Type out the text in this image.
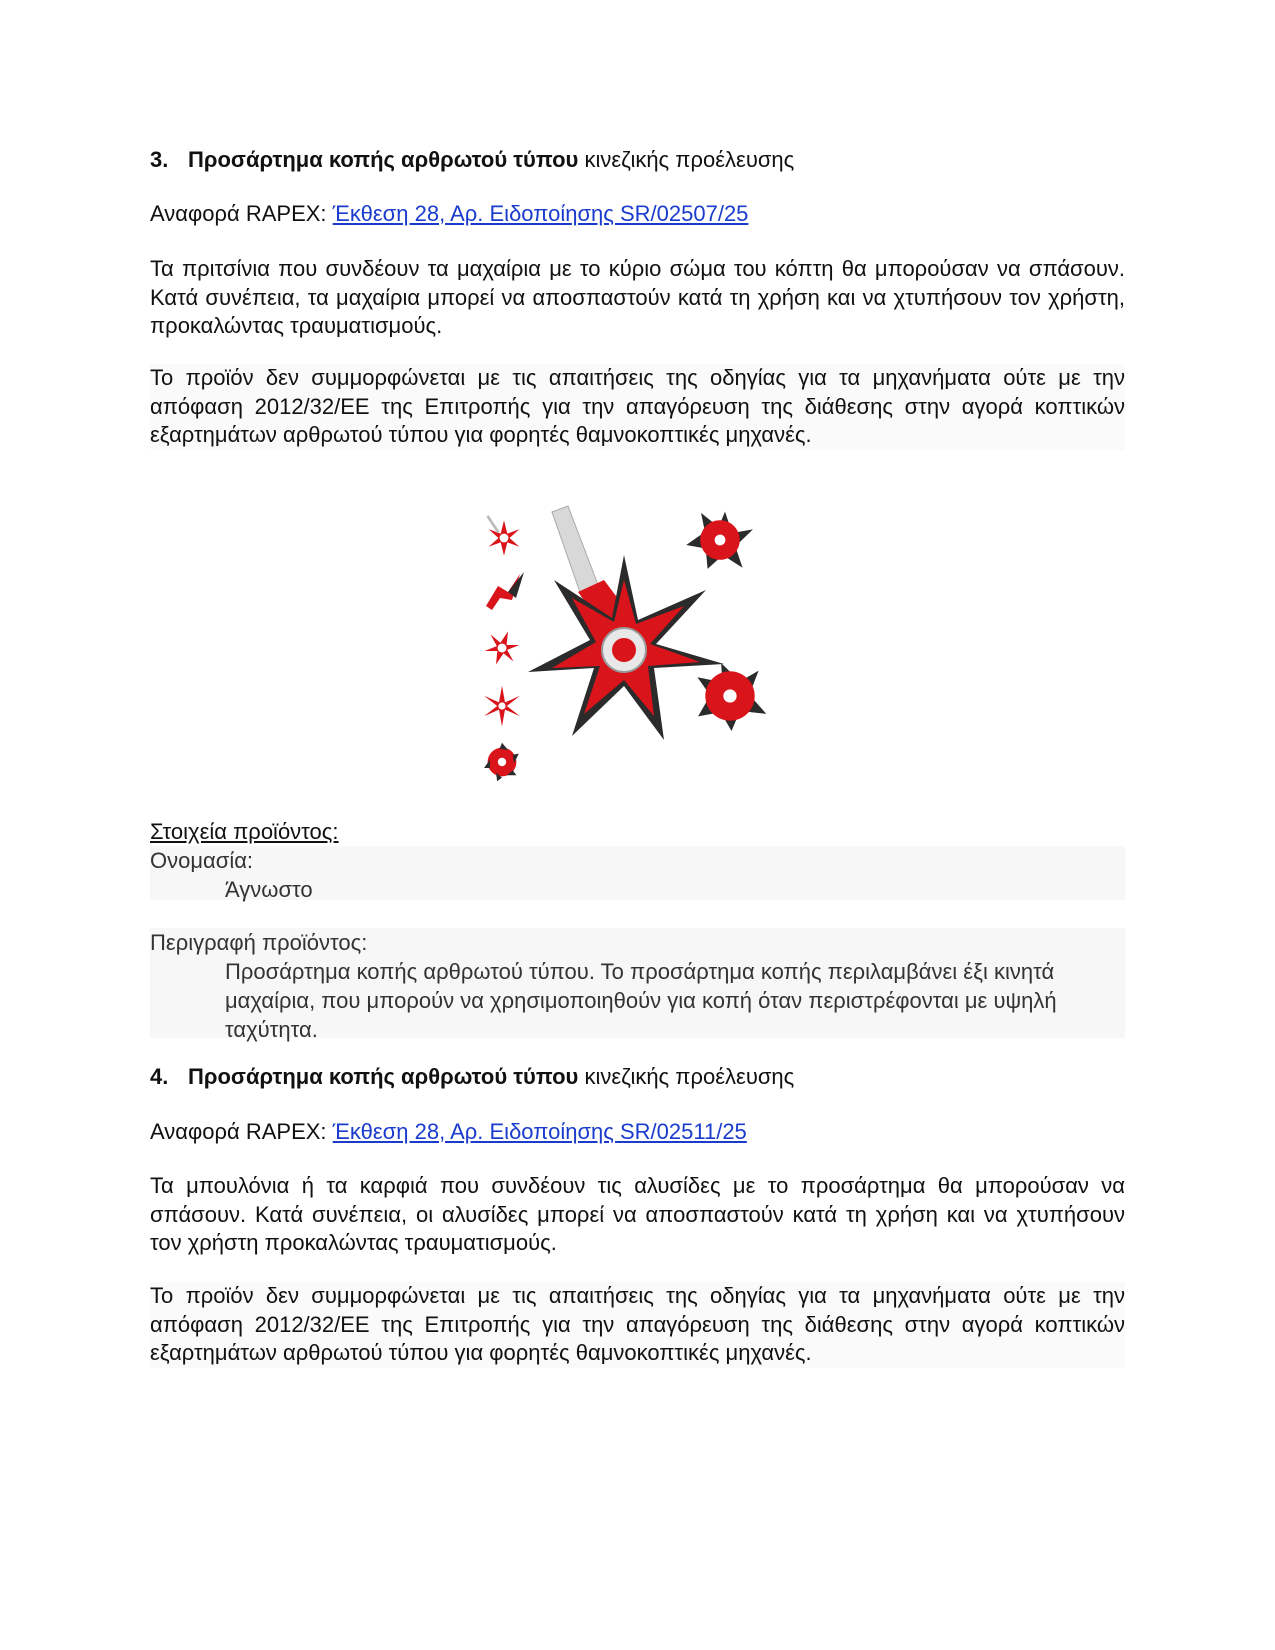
3. Προσάρτημα κοπής αρθρωτού τύπου κινεζικής προέλευσης
Αναφορά RAPEX: Έκθεση 28, Αρ. Ειδοποίησης SR/02507/25
Τα πριτσίνια που συνδέουν τα μαχαίρια με το κύριο σώμα του κόπτη θα μπορούσαν να σπάσουν. Κατά συνέπεια, τα μαχαίρια μπορεί να αποσπαστούν κατά τη χρήση και να χτυπήσουν τον χρήστη, προκαλώντας τραυματισμούς.
Το προϊόν δεν συμμορφώνεται με τις απαιτήσεις της οδηγίας για τα μηχανήματα ούτε με την απόφαση 2012/32/ΕΕ της Επιτροπής για την απαγόρευση της διάθεσης στην αγορά κοπτικών εξαρτημάτων αρθρωτού τύπου για φορητές θαμνοκοπτικές μηχανές.
Στοιχεία προϊόντος:
Ονομασία:
Άγνωστο
Περιγραφή προϊόντος:
Προσάρτημα κοπής αρθρωτού τύπου. Το προσάρτημα κοπής περιλαμβάνει έξι κινητά μαχαίρια, που μπορούν να χρησιμοποιηθούν για κοπή όταν περιστρέφονται με υψηλή ταχύτητα.
4. Προσάρτημα κοπής αρθρωτού τύπου κινεζικής προέλευσης
Αναφορά RAPEX: Έκθεση 28, Αρ. Ειδοποίησης SR/02511/25
Τα μπουλόνια ή τα καρφιά που συνδέουν τις αλυσίδες με το προσάρτημα θα μπορούσαν να σπάσουν. Κατά συνέπεια, οι αλυσίδες μπορεί να αποσπαστούν κατά τη χρήση και να χτυπήσουν τον χρήστη προκαλώντας τραυματισμούς.
Το προϊόν δεν συμμορφώνεται με τις απαιτήσεις της οδηγίας για τα μηχανήματα ούτε με την απόφαση 2012/32/ΕΕ της Επιτροπής για την απαγόρευση της διάθεσης στην αγορά κοπτικών εξαρτημάτων αρθρωτού τύπου για φορητές θαμνοκοπτικές μηχανές.
